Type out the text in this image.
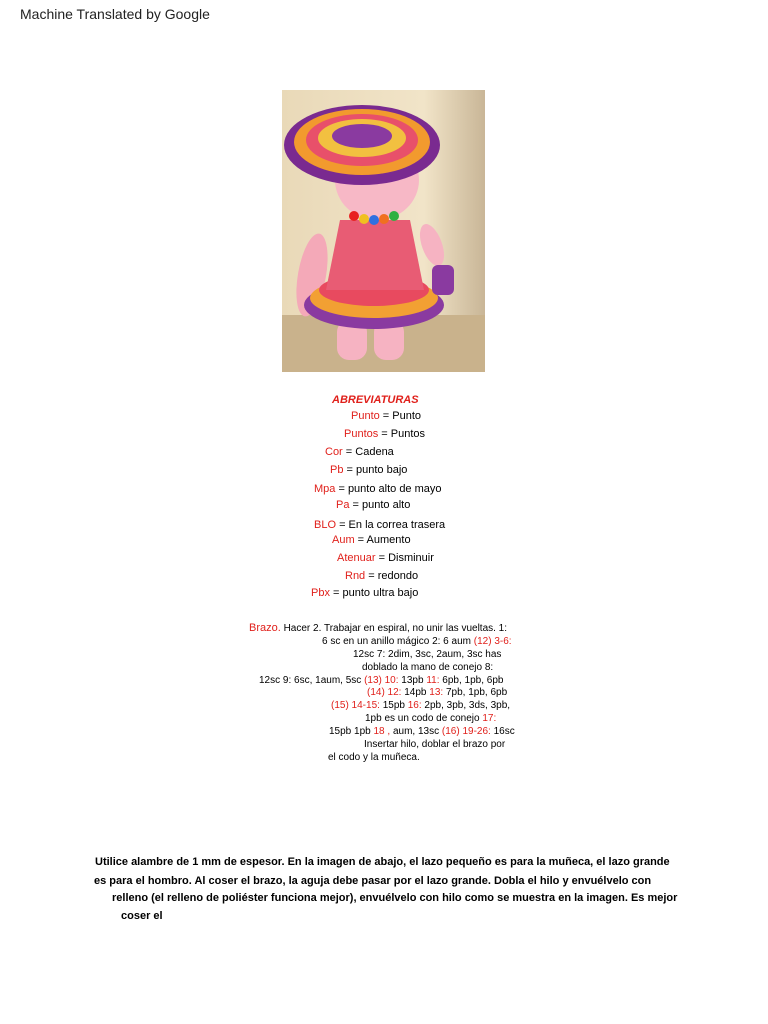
Machine Translated by Google
ABREVIATURAS
Punto = Punto
Puntos = Puntos
Cor = Cadena
Pb = punto bajo
Mpa = punto alto de mayo
Pa = punto alto
BLO = En la correa trasera
Aum = Aumento
Atenuar = Disminuir
Rnd = redondo
Pbx = punto ultra bajo
Brazo. Hacer 2. Trabajar en espiral, no unir las vueltas. 1:
6 sc en un anillo mágico 2: 6 aum (12) 3-6:
12sc 7: 2dim, 3sc, 2aum, 3sc has
doblado la mano de conejo 8:
12sc 9: 6sc, 1aum, 5sc (13) 10: 13pb 11: 6pb, 1pb, 6pb
(14) 12: 14pb 13: 7pb, 1pb, 6pb
(15) 14-15: 15pb 16: 2pb, 3pb, 3ds, 3pb,
1pb es un codo de conejo 17:
15pb 1pb 18 , aum, 13sc (16) 19-26: 16sc
Insertar hilo, doblar el brazo por
el codo y la muñeca.
Utilice alambre de 1 mm de espesor. En la imagen de abajo, el lazo pequeño es para la muñeca, el lazo grande
es para el hombro. Al coser el brazo, la aguja debe pasar por el lazo grande. Dobla el hilo y envuélvelo con
relleno (el relleno de poliéster funciona mejor), envuélvelo con hilo como se muestra en la imagen. Es mejor
coser el
